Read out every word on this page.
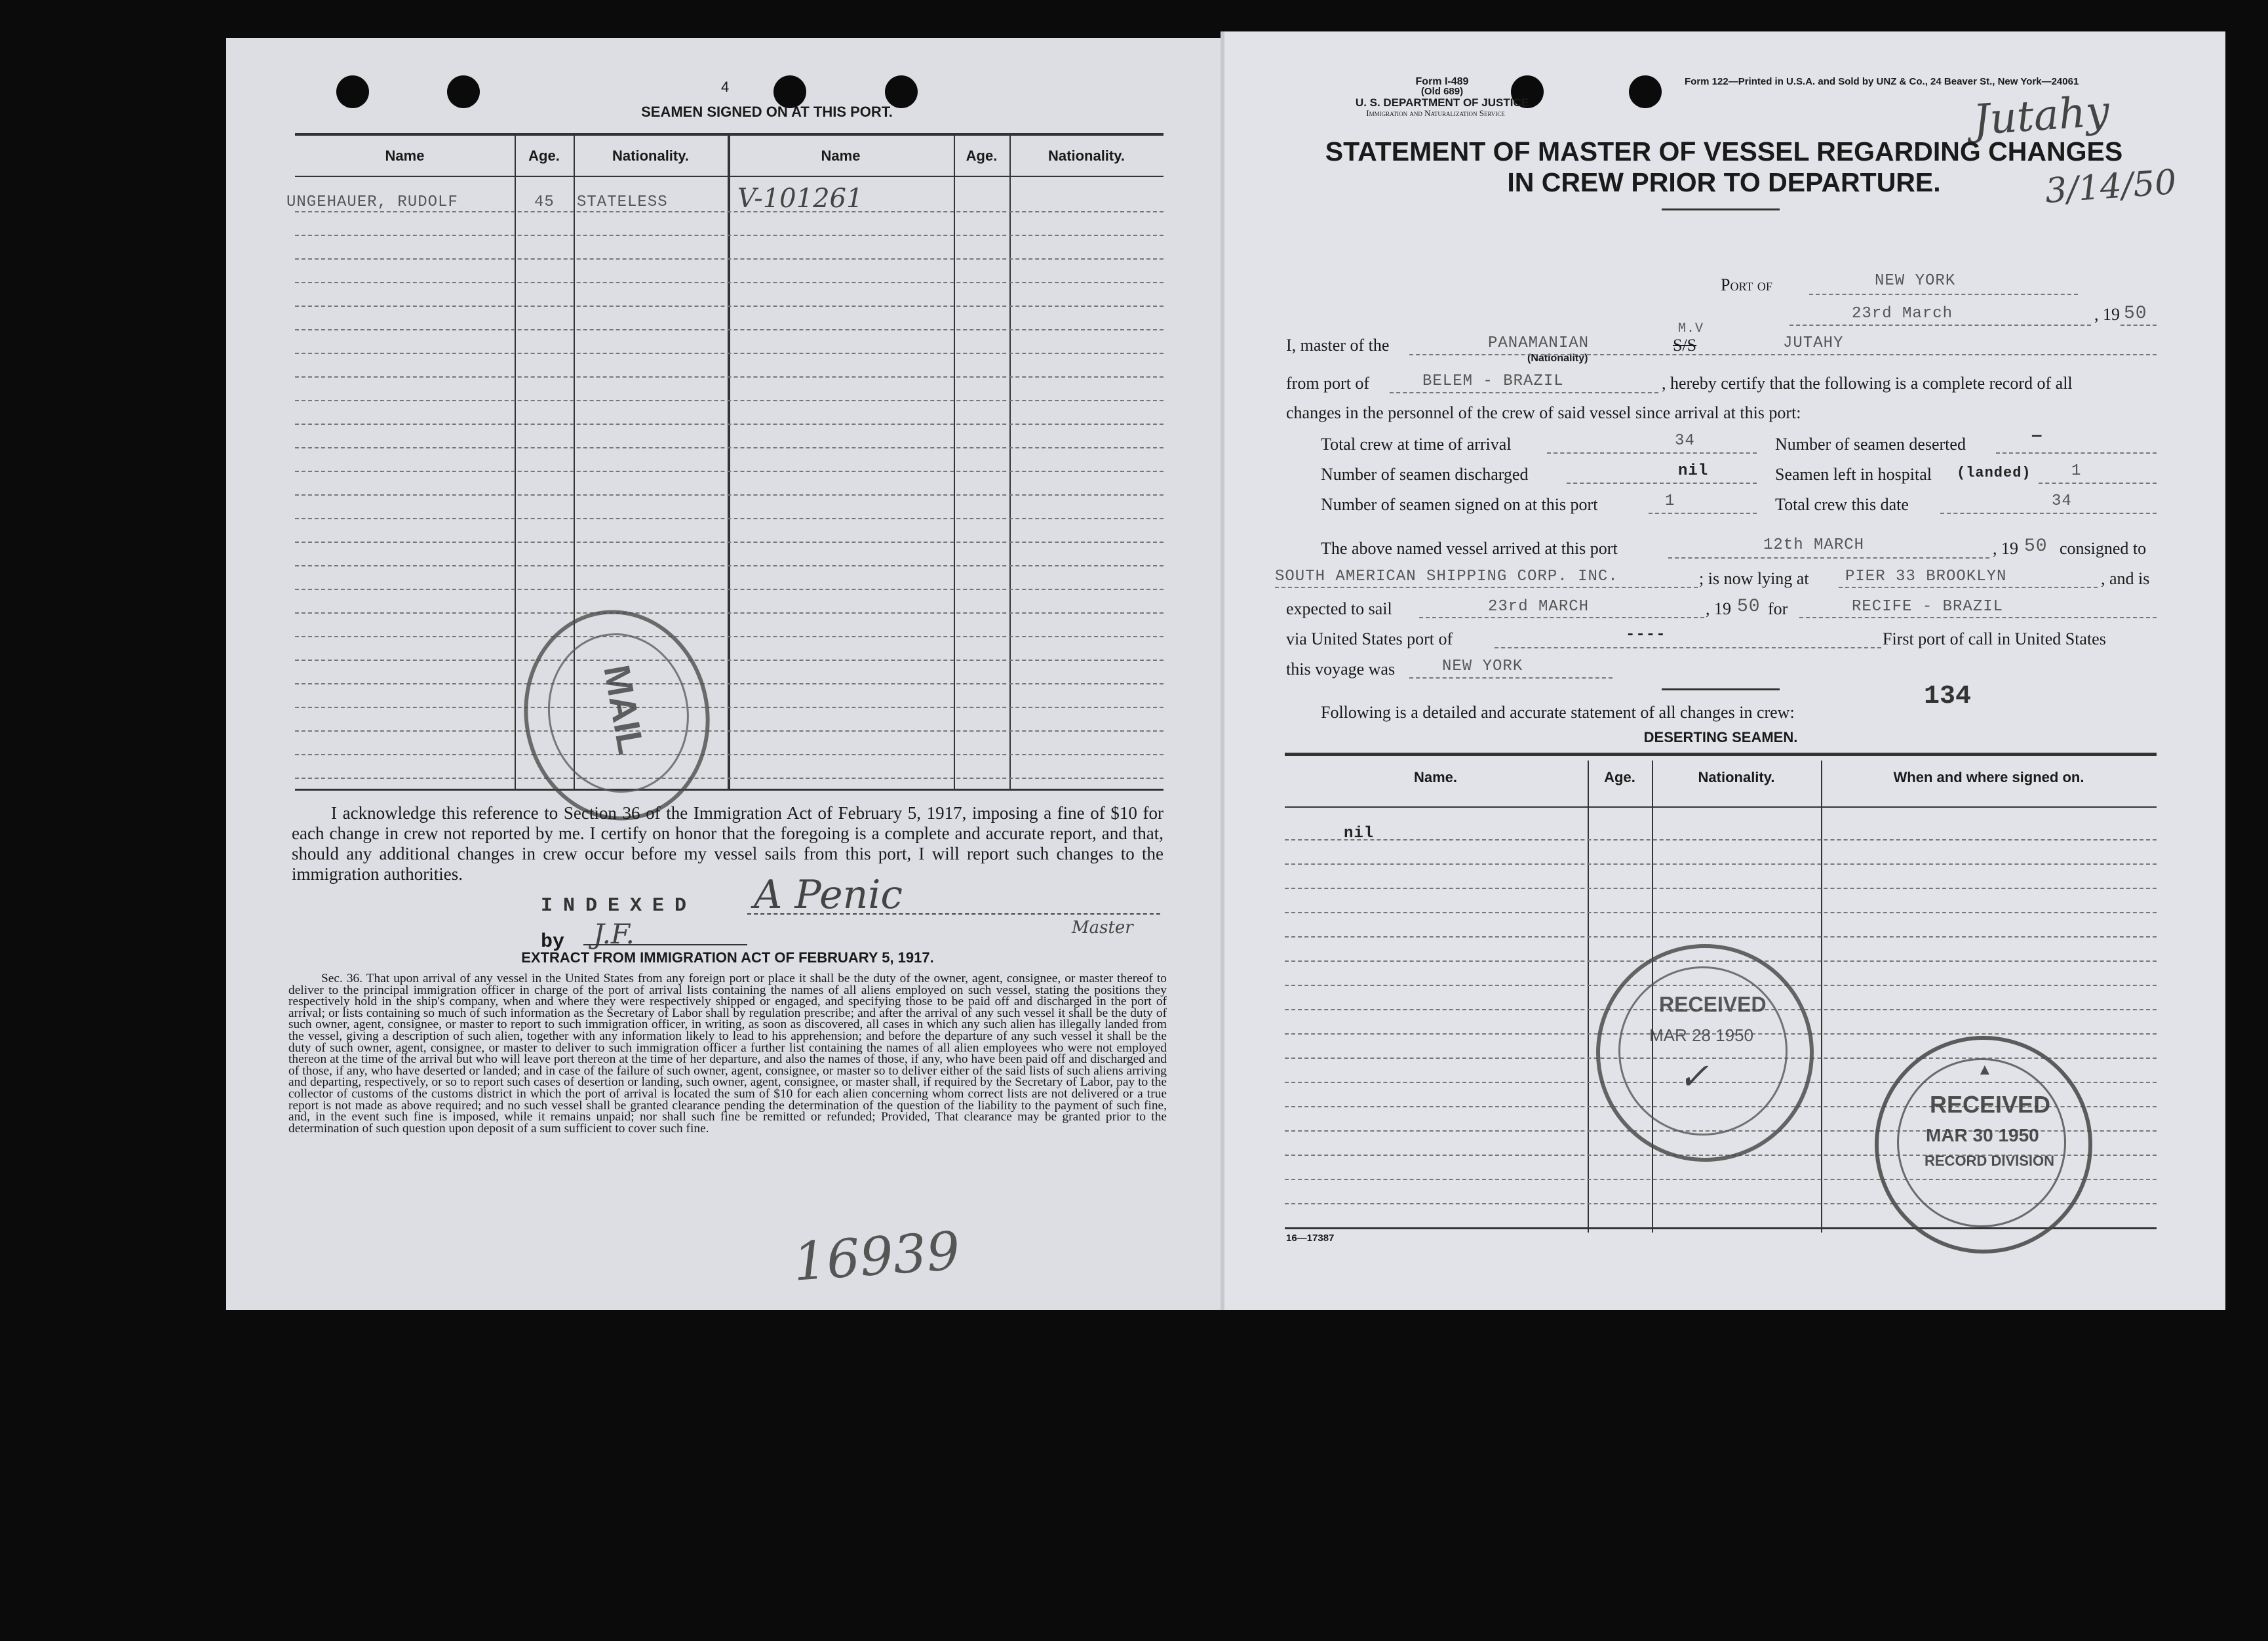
4
SEAMEN SIGNED ON AT THIS PORT.
Name	Age.	Nationality.	Name	Age.	Nationality.
UNGEHAUER, RUDOLF	45 STATELESS	V-101261
MAIL
I acknowledge this reference to Section 36 of the Immigration Act of February 5, 1917, imposing a fine of $10 for each change in crew not reported by me. I certify on honor that the foregoing is a complete and accurate report, and that, should any additional changes in crew occur before my vessel sails from this port, I will report such changes to the immigration authorities.
INDEXED A Penic
Master
by J.F.
EXTRACT FROM IMMIGRATION ACT OF FEBRUARY 5, 1917.
Sec. 36. That upon arrival of any vessel in the United States from any foreign port or place it shall be the duty of the owner, agent, consignee, or master thereof to deliver to the principal immigration officer in charge of the port of arrival lists containing the names of all aliens employed on such vessel, stating the positions they respectively hold in the ship's company, when and where they were respectively shipped or engaged, and specifying those to be paid off and discharged in the port of arrival; or lists containing so much of such information as the Secretary of Labor shall by regulation prescribe; and after the arrival of any such vessel it shall be the duty of such owner, agent, consignee, or master to report to such immigration officer, in writing, as soon as discovered, all cases in which any such alien has illegally landed from the vessel, giving a description of such alien, together with any information likely to lead to his apprehension; and before the departure of any such vessel it shall be the duty of such owner, agent, consignee, or master to deliver to such immigration officer a further list containing the names of all alien employees who were not employed thereon at the time of the arrival but who will leave port thereon at the time of her departure, and also the names of those, if any, who have been paid off and discharged and of those, if any, who have deserted or landed; and in case of the failure of such owner, agent, consignee, or master so to deliver either of the said lists of such aliens arriving and departing, respectively, or so to report such cases of desertion or landing, such owner, agent, consignee, or master shall, if required by the Secretary of Labor, pay to the collector of customs of the customs district in which the port of arrival is located the sum of $10 for each alien concerning whom correct lists are not delivered or a true report is not made as above required; and no such vessel shall be granted clearance pending the determination of the question of the liability to the payment of such fine, and, in the event such fine is imposed, while it remains unpaid; nor shall such fine be remitted or refunded; Provided, That clearance may be granted prior to the determination of such question upon deposit of a sum sufficient to cover such fine.
16939
Form I-489
(Old 689)
U. S. DEPARTMENT OF JUSTICE
Immigration and Naturalization Service
Form 122—Printed in U.S.A. and Sold by UNZ & Co., 24 Beaver St., New York—24061
Jutahy
3/14/50
STATEMENT OF MASTER OF VESSEL REGARDING CHANGES
IN CREW PRIOR TO DEPARTURE.
Port of	NEW YORK
23rd March	, 19 50
I, master of the	PANAMANIAN
(Nationality)
M.V
S/S	JUTAHY
from port of	BELEM - BRAZIL	, hereby certify that the following is a complete record of all
changes in the personnel of the crew of said vessel since arrival at this port:
Total crew at time of arrival	34	Number of seamen deserted	—
Number of seamen discharged	nil	Seamen left in hospital (landed)	1
Number of seamen signed on at this port	1	Total crew this date	34
The above named vessel arrived at this port	12th MARCH	, 19 50 consigned to
SOUTH AMERICAN SHIPPING CORP. INC.	; is now lying at PIER 33 BROOKLYN	, and is
expected to sail	23rd MARCH	, 19 50 for	RECIFE - BRAZIL
via United States port of	----	First port of call in United States
this voyage was	NEW YORK
Following is a detailed and accurate statement of all changes in crew:
134
DESERTING SEAMEN.
Name.	Age.	Nationality.	When and where signed on.
nil
RECEIVED
MAR 28 1950
✓	▲
RECEIVED
MAR 30 1950
RECORD DIVISION
16—17387
